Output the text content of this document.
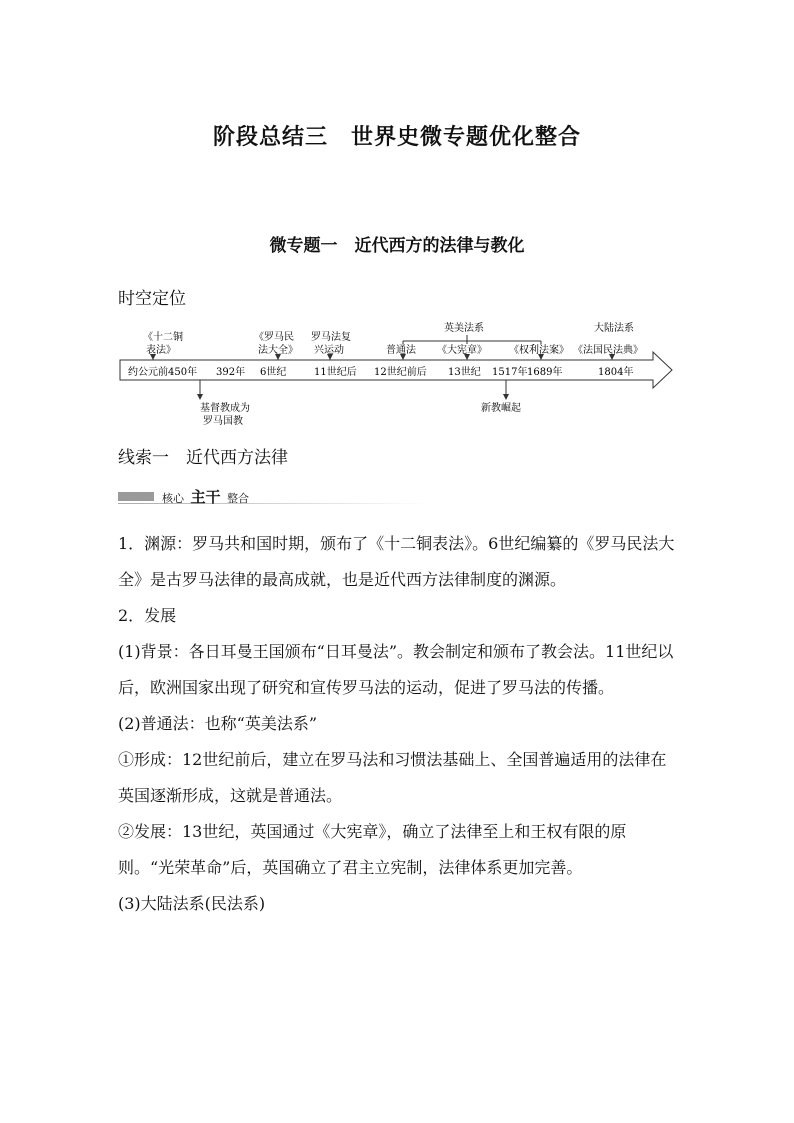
阶段总结三　世界史微专题优化整合
微专题一　近代西方的法律与教化
时空定位
约公元前450年 392年 6世纪	11世纪后 12世纪前后 13世纪 1517年 1689年	1804年
《十二铜
表法》
《罗马民
法大全》
罗马法复
兴运动	普通法 《大宪章》 《权利法案》 《法国民法典》
英美法系	大陆法系
基督教成为
罗马国教
新教崛起
线索一　近代西方法律
核心 主干 整合

1．渊源：罗马共和国时期，颁布了《十二铜表法》。6世纪编纂的《罗马民法大全》是古罗马法律的最高成就，也是近代西方法律制度的渊源。

2．发展

(1)背景：各日耳曼王国颁布“日耳曼法”。教会制定和颁布了教会法。11世纪以后，欧洲国家出现了研究和宣传罗马法的运动，促进了罗马法的传播。

(2)普通法：也称“英美法系”

①形成：12世纪前后，建立在罗马法和习惯法基础上、全国普遍适用的法律在英国逐渐形成，这就是普通法。

②发展：13世纪，英国通过《大宪章》，确立了法律至上和王权有限的原则。“光荣革命”后，英国确立了君主立宪制，法律体系更加完善。

(3)大陆法系(民法系)
